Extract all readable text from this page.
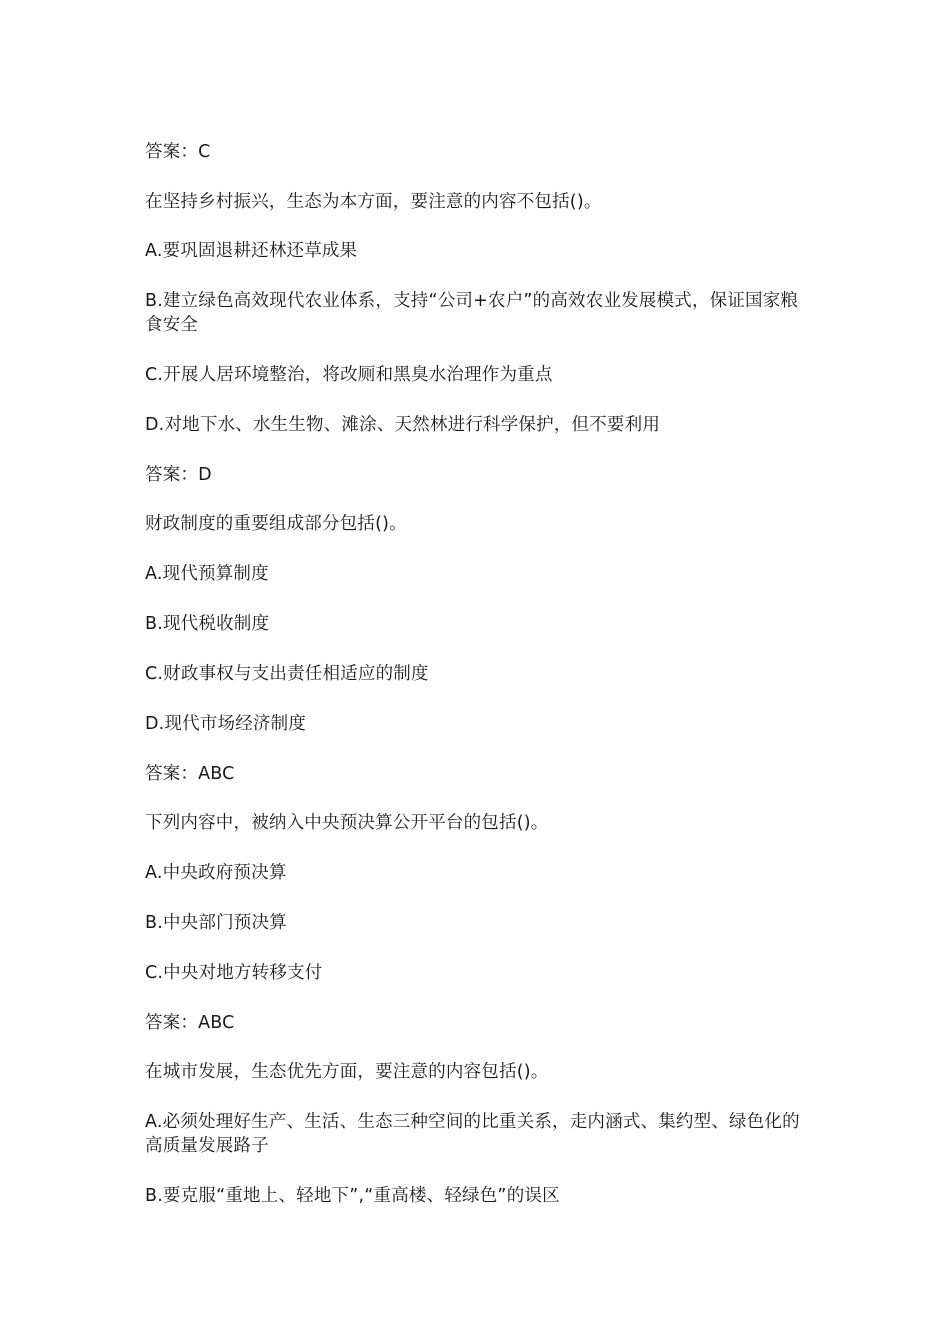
答案：C

在坚持乡村振兴，生态为本方面，要注意的内容不包括()。

A.要巩固退耕还林还草成果

B.建立绿色高效现代农业体系，支持“公司+农户”的高效农业发展模式，保证国家粮食安全

C.开展人居环境整治，将改厕和黑臭水治理作为重点

D.对地下水、水生生物、滩涂、天然林进行科学保护，但不要利用

答案：D

财政制度的重要组成部分包括()。

A.现代预算制度

B.现代税收制度

C.财政事权与支出责任相适应的制度

D.现代市场经济制度

答案：ABC

下列内容中，被纳入中央预决算公开平台的包括()。

A.中央政府预决算

B.中央部门预决算

C.中央对地方转移支付

答案：ABC

在城市发展，生态优先方面，要注意的内容包括()。

A.必须处理好生产、生活、生态三种空间的比重关系，走内涵式、集约型、绿色化的高质量发展路子

B.要克服“重地上、轻地下”,“重高楼、轻绿色”的误区
